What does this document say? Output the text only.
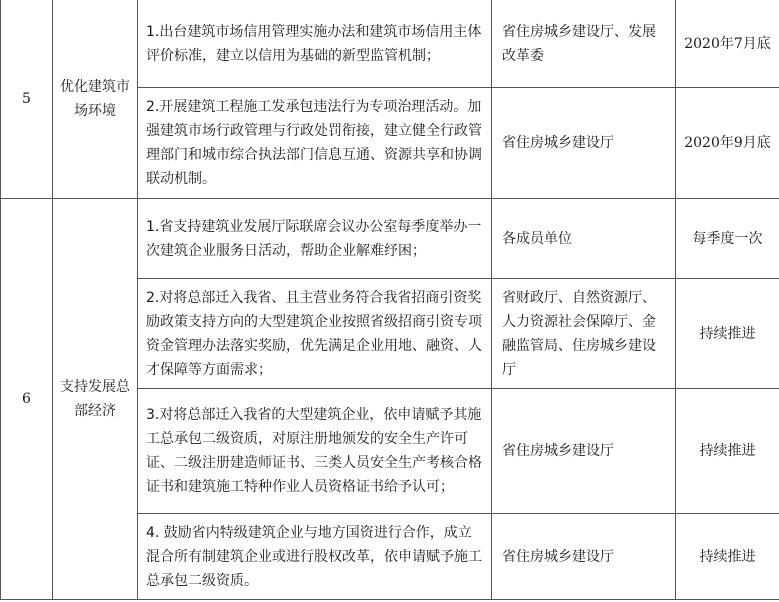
5	优化建筑市场环境	1.出台建筑市场信用管理实施办法和建筑市场信用主体评价标准，建立以信用为基础的新型监管机制；	省住房城乡建设厅、发展改革委	2020年7月底
		2.开展建筑工程施工发承包违法行为专项治理活动。加强建筑市场行政管理与行政处罚衔接，建立健全行政管理部门和城市综合执法部门信息互通、资源共享和协调联动机制。	省住房城乡建设厅	2020年9月底
6	支持发展总部经济	1.省支持建筑业发展厅际联席会议办公室每季度举办一次建筑企业服务日活动，帮助企业解难纾困；	各成员单位	每季度一次
		2.对将总部迁入我省、且主营业务符合我省招商引资奖励政策支持方向的大型建筑企业按照省级招商引资专项资金管理办法落实奖励，优先满足企业用地、融资、人才保障等方面需求；	省财政厅、自然资源厅、人力资源社会保障厅、金融监管局、住房城乡建设厅	持续推进
		3.对将总部迁入我省的大型建筑企业，依申请赋予其施工总承包二级资质，对原注册地颁发的安全生产许可证、二级注册建造师证书、三类人员安全生产考核合格证书和建筑施工特种作业人员资格证书给予认可；	省住房城乡建设厅	持续推进
		4. 鼓励省内特级建筑企业与地方国资进行合作，成立混合所有制建筑企业或进行股权改革，依申请赋予施工总承包二级资质。	省住房城乡建设厅	持续推进
